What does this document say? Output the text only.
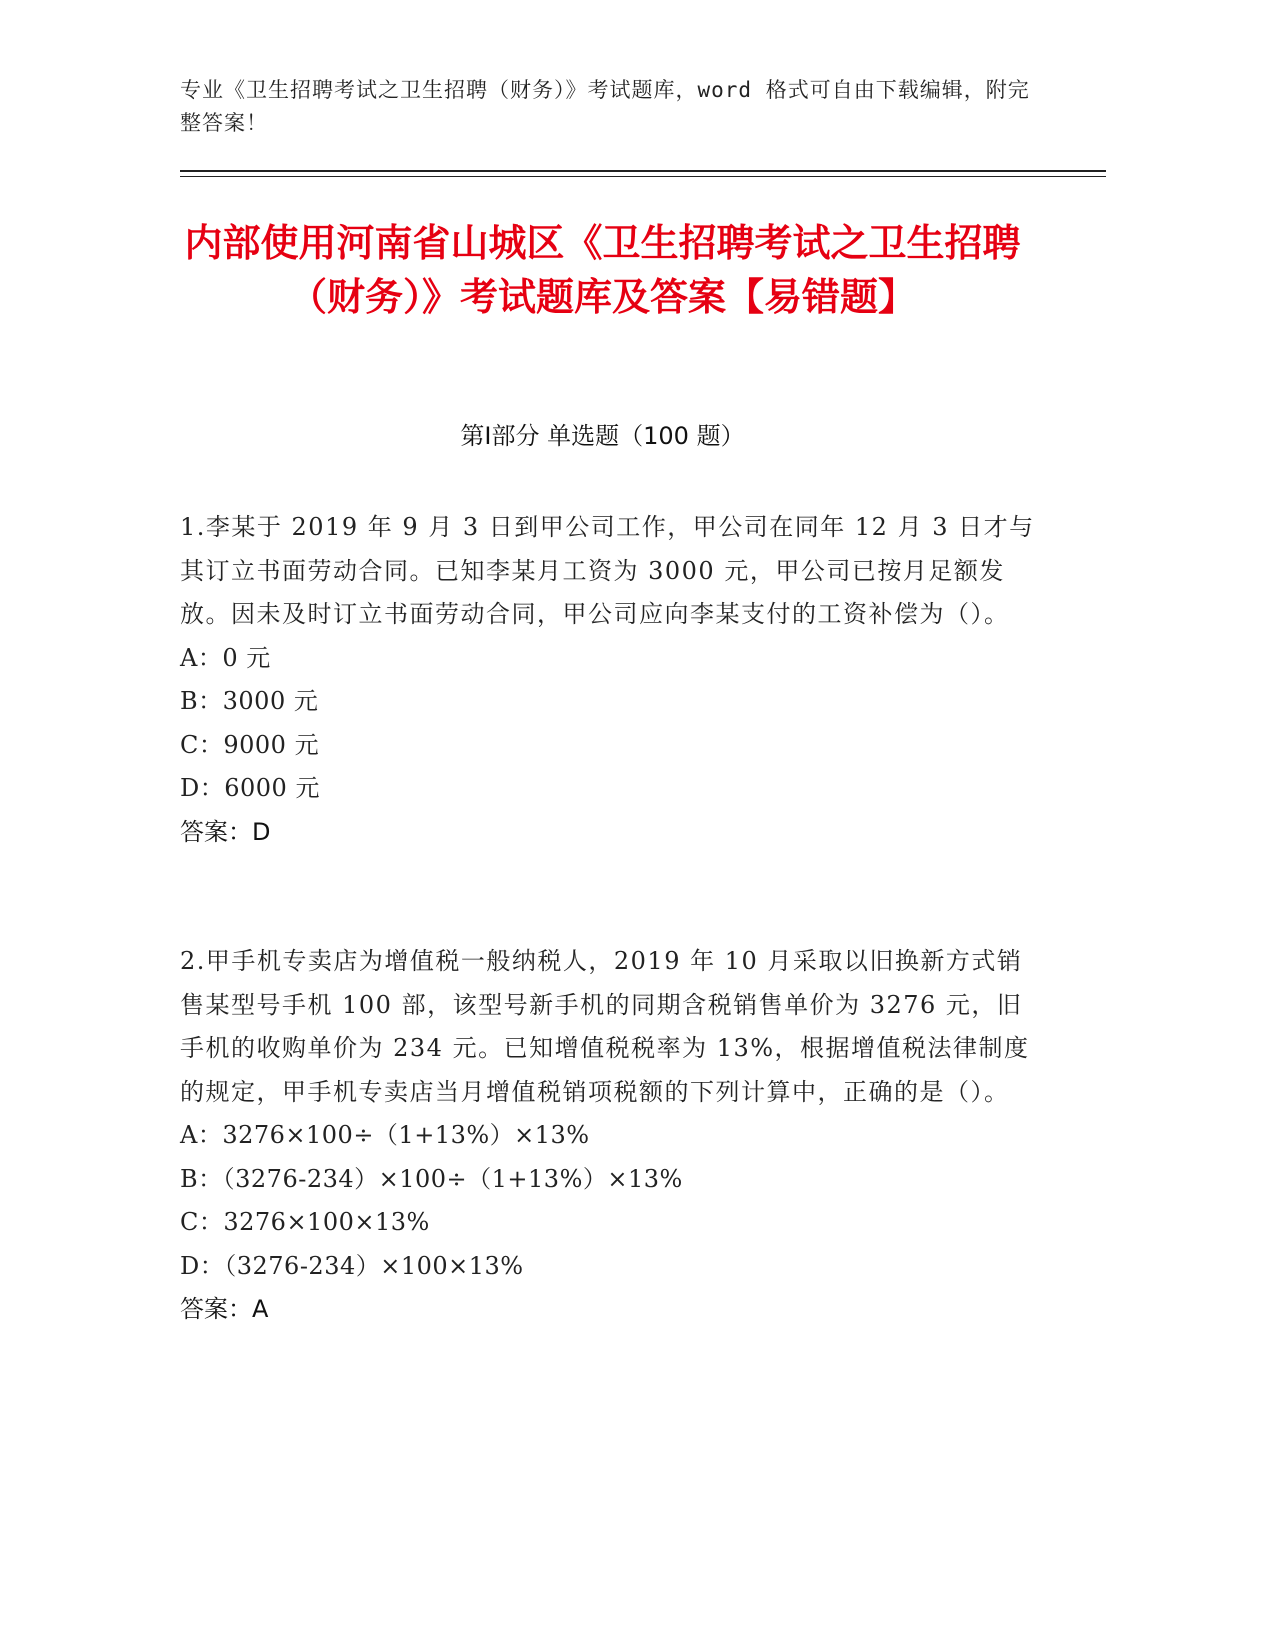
专业《卫生招聘考试之卫生招聘（财务）》考试题库，word 格式可自由下载编辑，附完整答案！
内部使用河南省山城区《卫生招聘考试之卫生招聘（财务）》考试题库及答案【易错题】
第Ⅰ部分 单选题（100 题）
1.李某于 2019 年 9 月 3 日到甲公司工作，甲公司在同年 12 月 3 日才与其订立书面劳动合同。已知李某月工资为 3000 元，甲公司已按月足额发放。因未及时订立书面劳动合同，甲公司应向李某支付的工资补偿为（）。
A：0 元
B：3000 元
C：9000 元
D：6000 元
答案：D
2.甲手机专卖店为增值税一般纳税人，2019 年 10 月采取以旧换新方式销售某型号手机 100 部，该型号新手机的同期含税销售单价为 3276 元，旧手机的收购单价为 234 元。已知增值税税率为 13%，根据增值税法律制度的规定，甲手机专卖店当月增值税销项税额的下列计算中，正确的是（）。
A：3276×100÷（1+13%）×13%
B：（3276-234）×100÷（1+13%）×13%
C：3276×100×13%
D：（3276-234）×100×13%
答案：A
